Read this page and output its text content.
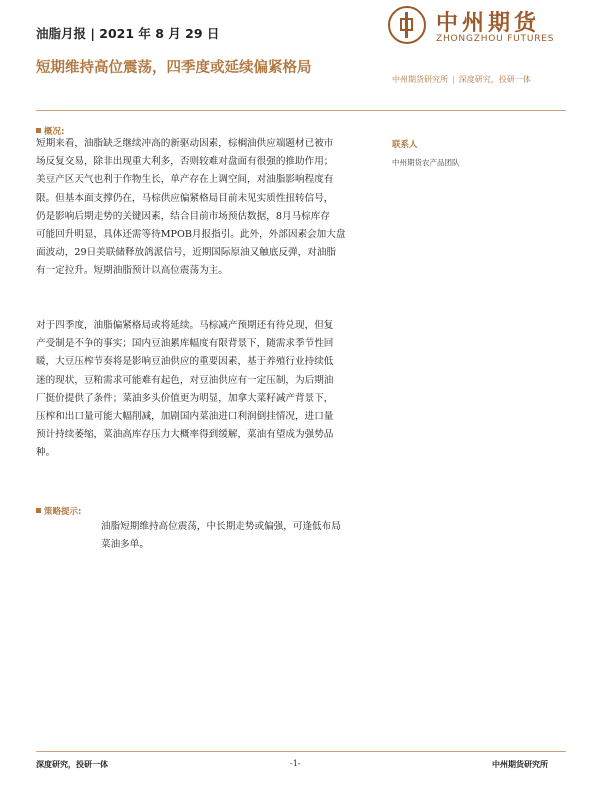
油脂月报 | 2021 年 8 月 29 日
短期维持高位震荡，四季度或延续偏紧格局
中州期货
ZHONGZHOU FUTURES
中州期货研究所 | 深度研究，投研一体
概况:
短期来看，油脂缺乏继续冲高的新驱动因素，棕榈油供应端题材已被市
场反复交易，除非出现重大利多，否则较难对盘面有很强的推助作用；
美豆产区天气也利于作物生长，单产存在上调空间，对油脂影响程度有
限。但基本面支撑仍在，马棕供应偏紧格局目前未见实质性扭转信号，
仍是影响后期走势的关键因素，结合目前市场预估数据，8月马棕库存
可能回升明显，具体还需等待MPOB月报指引。此外，外部因素会加大盘
面波动，29日美联储释放鸽派信号，近期国际原油又触底反弹，对油脂
有一定拉升。短期油脂预计以高位震荡为主。
对于四季度，油脂偏紧格局或将延续。马棕减产预期还有待兑现，但复
产受制是不争的事实；国内豆油累库幅度有限背景下，随需求季节性回
暖，大豆压榨节奏将是影响豆油供应的重要因素，基于养殖行业持续低
迷的现状，豆粕需求可能难有起色，对豆油供应有一定压制，为后期油
厂挺价提供了条件；菜油多头价值更为明显，加拿大菜籽减产背景下，
压榨和出口量可能大幅削减，加剧国内菜油进口利润倒挂情况，进口量
预计持续萎缩，菜油高库存压力大概率得到缓解，菜油有望成为强势品
种。
策略提示:
油脂短期维持高位震荡，中长期走势或偏强，可逢低布局
菜油多单。
联系人
中州期货农产品团队
深度研究，投研一体	-1-	中州期货研究所
